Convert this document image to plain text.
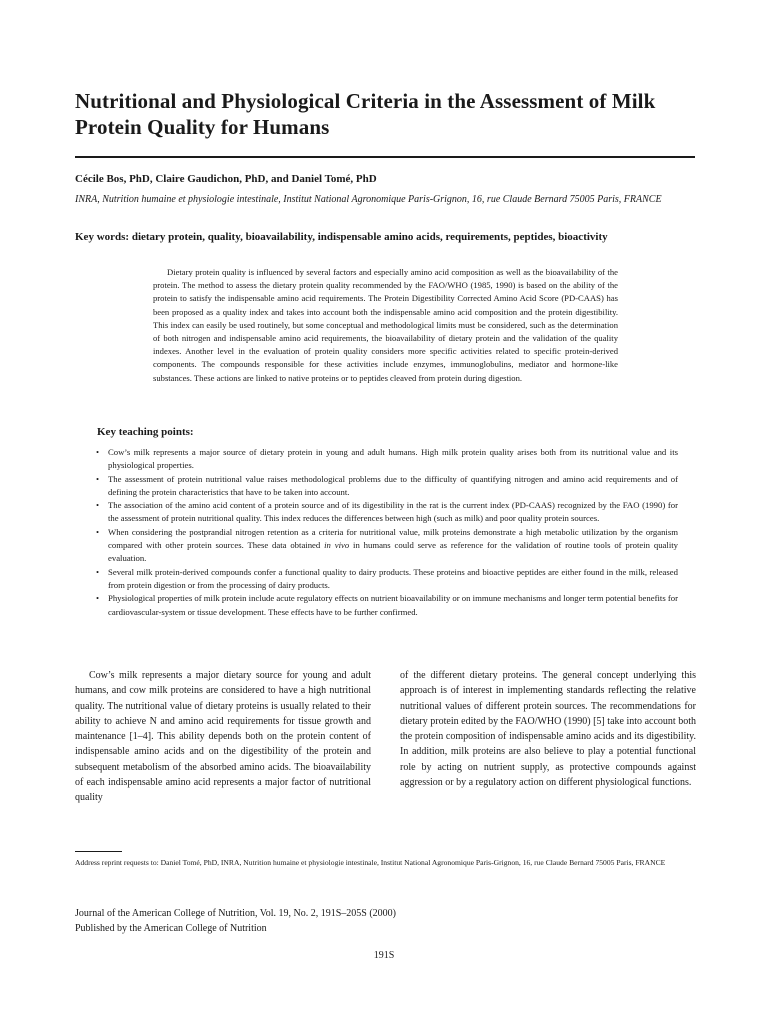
Nutritional and Physiological Criteria in the Assessment of Milk Protein Quality for Humans
Cécile Bos, PhD, Claire Gaudichon, PhD, and Daniel Tomé, PhD
INRA, Nutrition humaine et physiologie intestinale, Institut National Agronomique Paris-Grignon, 16, rue Claude Bernard 75005 Paris, FRANCE
Key words: dietary protein, quality, bioavailability, indispensable amino acids, requirements, peptides, bioactivity

Dietary protein quality is influenced by several factors and especially amino acid composition as well as the bioavailability of the protein. The method to assess the dietary protein quality recommended by the FAO/WHO (1985, 1990) is based on the ability of the protein to satisfy the indispensable amino acid requirements. The Protein Digestibility Corrected Amino Acid Score (PD-CAAS) has been proposed as a quality index and takes into account both the indispensable amino acid composition and the protein digestibility. This index can easily be used routinely, but some conceptual and methodological limits must be considered, such as the determination of both nitrogen and indispensable amino acid requirements, the bioavailability of dietary protein and the validation of the quality indexes. Another level in the evaluation of protein quality considers more specific activities related to specific protein-derived components. The compounds responsible for these activities include enzymes, immunoglobulins, mediator and hormone-like substances. These actions are linked to native proteins or to peptides cleaved from protein during digestion.

Key teaching points:
• Cow’s milk represents a major source of dietary protein in young and adult humans. High milk protein quality arises both from its nutritional value and its physiological properties.
• The assessment of protein nutritional value raises methodological problems due to the difficulty of quantifying nitrogen and amino acid requirements and of defining the protein characteristics that have to be taken into account.
• The association of the amino acid content of a protein source and of its digestibility in the rat is the current index (PD-CAAS) recognized by the FAO (1990) for the assessment of protein nutritional quality. This index reduces the differences between high (such as milk) and poor quality protein sources.
• When considering the postprandial nitrogen retention as a criteria for nutritional value, milk proteins demonstrate a high metabolic utilization by the organism compared with other protein sources. These data obtained in vivo in humans could serve as reference for the validation of routine tools of protein quality evaluation.
• Several milk protein-derived compounds confer a functional quality to dairy products. These proteins and bioactive peptides are either found in the milk, released from protein digestion or from the processing of dairy products.
• Physiological properties of milk protein include acute regulatory effects on nutrient bioavailability or on immune mechanisms and longer term potential benefits for cardiovascular-system or tissue development. These effects have to be further confirmed.

Cow’s milk represents a major dietary source for young and adult humans, and cow milk proteins are considered to have a high nutritional quality. The nutritional value of dietary proteins is usually related to their ability to achieve N and amino acid requirements for tissue growth and maintenance [1–4]. This ability depends both on the protein content of indispensable amino acids and on the digestibility of the protein and subsequent metabolism of the absorbed amino acids. The bioavailability of each indispensable amino acid represents a major factor of nutritional quality

of the different dietary proteins. The general concept underlying this approach is of interest in implementing standards reflecting the relative nutritional values of different protein sources. The recommendations for dietary protein edited by the FAO/WHO (1990) [5] take into account both the protein composition of indispensable amino acids and its digestibility. In addition, milk proteins are also believe to play a potential functional role by acting on nutrient supply, as protective compounds against aggression or by a regulatory action on different physiological functions.

Address reprint requests to: Daniel Tomé, PhD, INRA, Nutrition humaine et physiologie intestinale, Institut National Agronomique Paris-Grignon, 16, rue Claude Bernard 75005 Paris, FRANCE
Journal of the American College of Nutrition, Vol. 19, No. 2, 191S–205S (2000)
Published by the American College of Nutrition
191S
